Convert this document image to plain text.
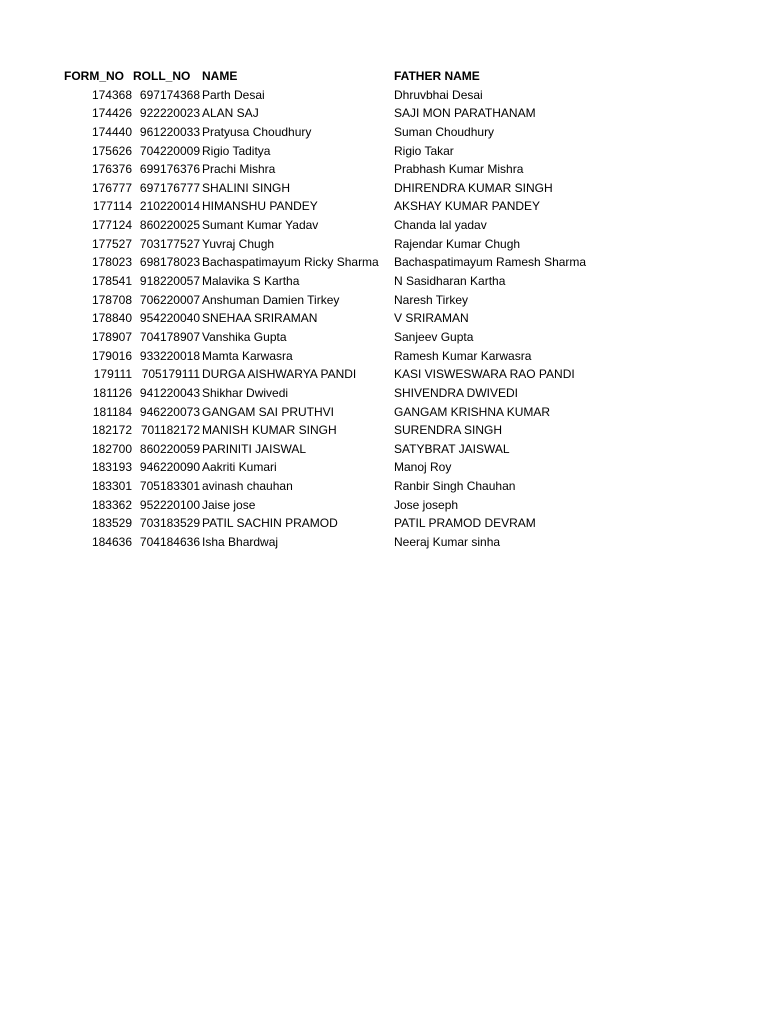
FORM_NO ROLL_NO NAME	FATHER NAME
174368 697174368 Parth Desai	Dhruvbhai Desai
174426 922220023 ALAN SAJ	SAJI MON PARATHANAM
174440 961220033 Pratyusa Choudhury	Suman Choudhury
175626 704220009 Rigio Taditya	Rigio Takar
176376 699176376 Prachi Mishra	Prabhash Kumar Mishra
176777 697176777 SHALINI SINGH	DHIRENDRA KUMAR SINGH
177114 210220014 HIMANSHU PANDEY	AKSHAY KUMAR PANDEY
177124 860220025 Sumant Kumar Yadav	Chanda lal yadav
177527 703177527 Yuvraj Chugh	Rajendar Kumar Chugh
178023 698178023 Bachaspatimayum Ricky Sharma	Bachaspatimayum Ramesh Sharma
178541 918220057 Malavika S Kartha	N Sasidharan Kartha
178708 706220007 Anshuman Damien Tirkey	Naresh Tirkey
178840 954220040 SNEHAA SRIRAMAN	V SRIRAMAN
178907 704178907 Vanshika Gupta	Sanjeev Gupta
179016 933220018 Mamta Karwasra	Ramesh Kumar Karwasra
179111 705179111 DURGA AISHWARYA PANDI	KASI VISWESWARA RAO PANDI
181126 941220043 Shikhar Dwivedi	SHIVENDRA DWIVEDI
181184 946220073 GANGAM SAI PRUTHVI	GANGAM KRISHNA KUMAR
182172 701182172 MANISH KUMAR SINGH	SURENDRA SINGH
182700 860220059 PARINITI JAISWAL	SATYBRAT JAISWAL
183193 946220090 Aakriti Kumari	Manoj Roy
183301 705183301 avinash chauhan	Ranbir Singh Chauhan
183362 952220100 Jaise jose	Jose joseph
183529 703183529 PATIL SACHIN PRAMOD	PATIL PRAMOD DEVRAM
184636 704184636 Isha Bhardwaj	Neeraj Kumar sinha
